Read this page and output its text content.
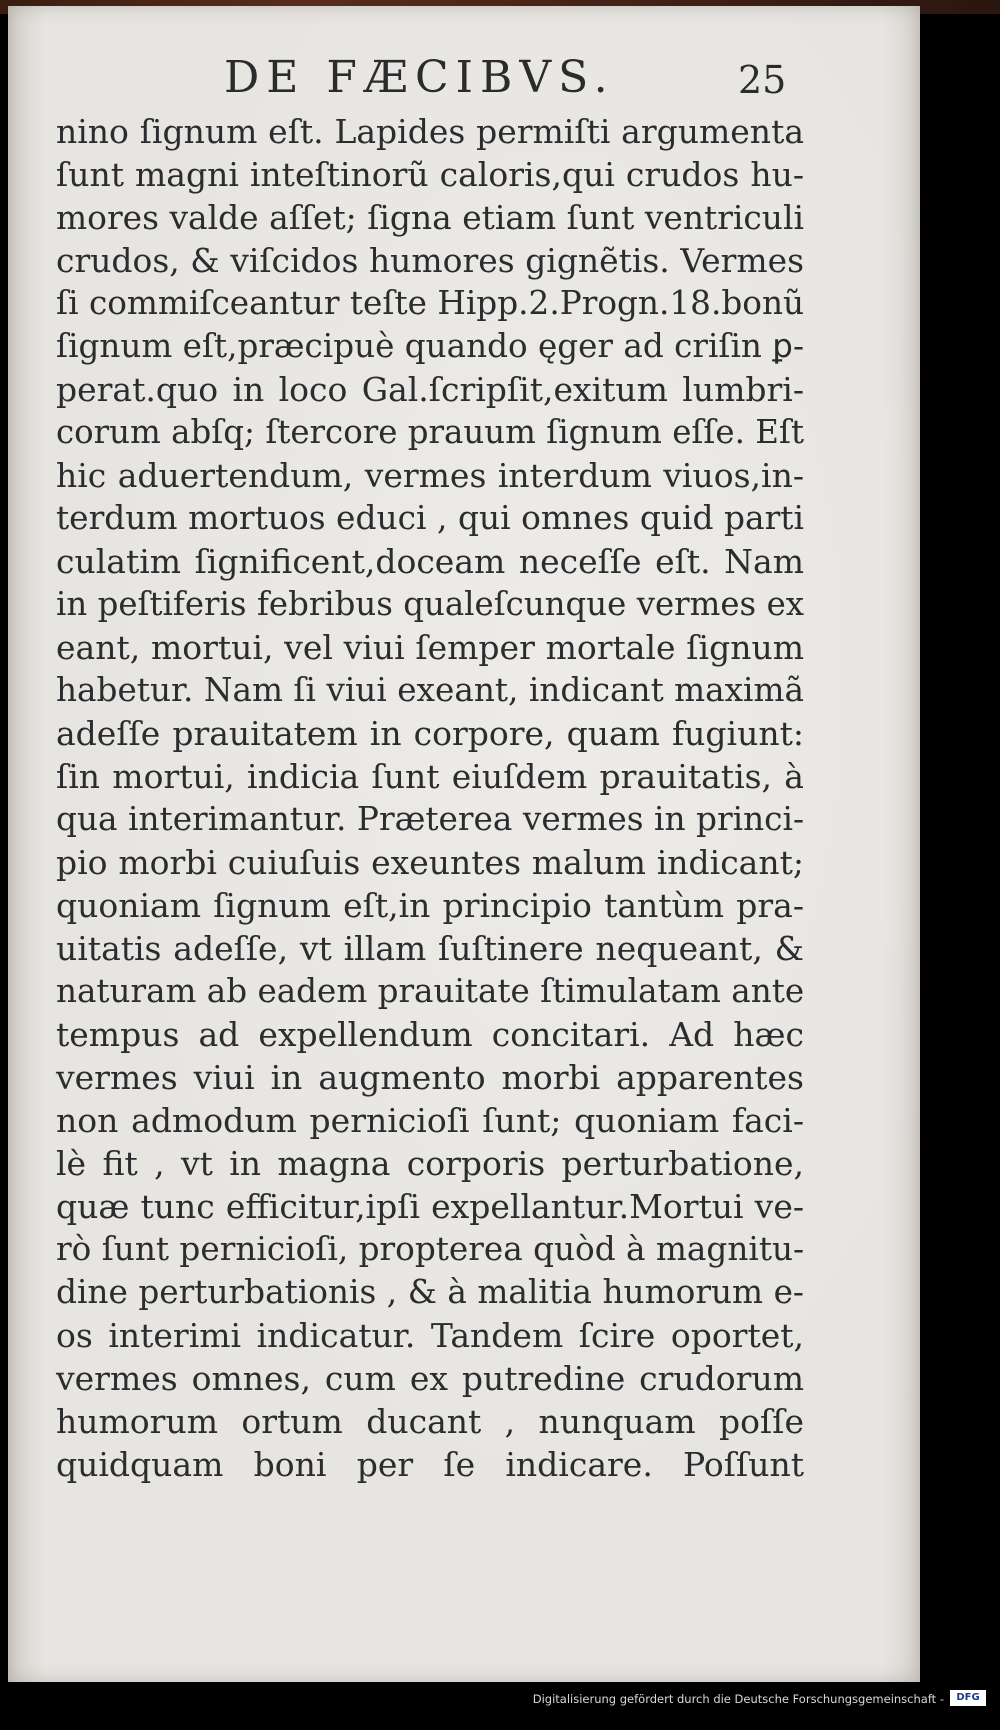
DE FÆCIBVS.	25
nino ſignum eſt. Lapides permiſti argumenta
ſunt magni inteſtinorũ caloris,qui crudos hu-
mores valde aſſet; ſigna etiam ſunt ventriculi
crudos, & viſcidos humores gignẽtis. Vermes
ſi commiſceantur teſte Hipp.2.Progn.18.bonũ
ſignum eſt,præcipuè quando ęger ad criſin ꝑ-
perat.quo in loco Gal.ſcripſit,exitum lumbri-
corum abſq; ſtercore prauum ſignum eſſe. Eſt
hic aduertendum, vermes interdum viuos,in-
terdum mortuos educi , qui omnes quid parti
culatim ſignificent,doceam neceſſe eſt. Nam
in peſtiferis febribus qualeſcunque vermes ex
eant, mortui, vel viui ſemper mortale ſignum
habetur. Nam ſi viui exeant, indicant maximã
adeſſe prauitatem in corpore, quam fugiunt:
ſin mortui, indicia ſunt eiuſdem prauitatis, à
qua interimantur. Præterea vermes in princi-
pio morbi cuiuſuis exeuntes malum indicant;
quoniam ſignum eſt,in principio tantùm pra-
uitatis adeſſe, vt illam ſuſtinere nequeant, &
naturam ab eadem prauitate ſtimulatam ante
tempus ad expellendum concitari. Ad hæc
vermes viui in augmento morbi apparentes
non admodum pernicioſi ſunt; quoniam faci-
lè fit , vt in magna corporis perturbatione,
quæ tunc efficitur,ipſi expellantur.Mortui ve-
rò ſunt pernicioſi, propterea quòd à magnitu-
dine perturbationis , & à malitia humorum e-
os interimi indicatur. Tandem ſcire oportet,
vermes omnes, cum ex putredine crudorum
humorum ortum ducant , nunquam poſſe
quidquam boni per ſe indicare. Poſſunt
Digitalisierung gefördert durch die Deutsche Forschungsgemeinschaft -	DFG
